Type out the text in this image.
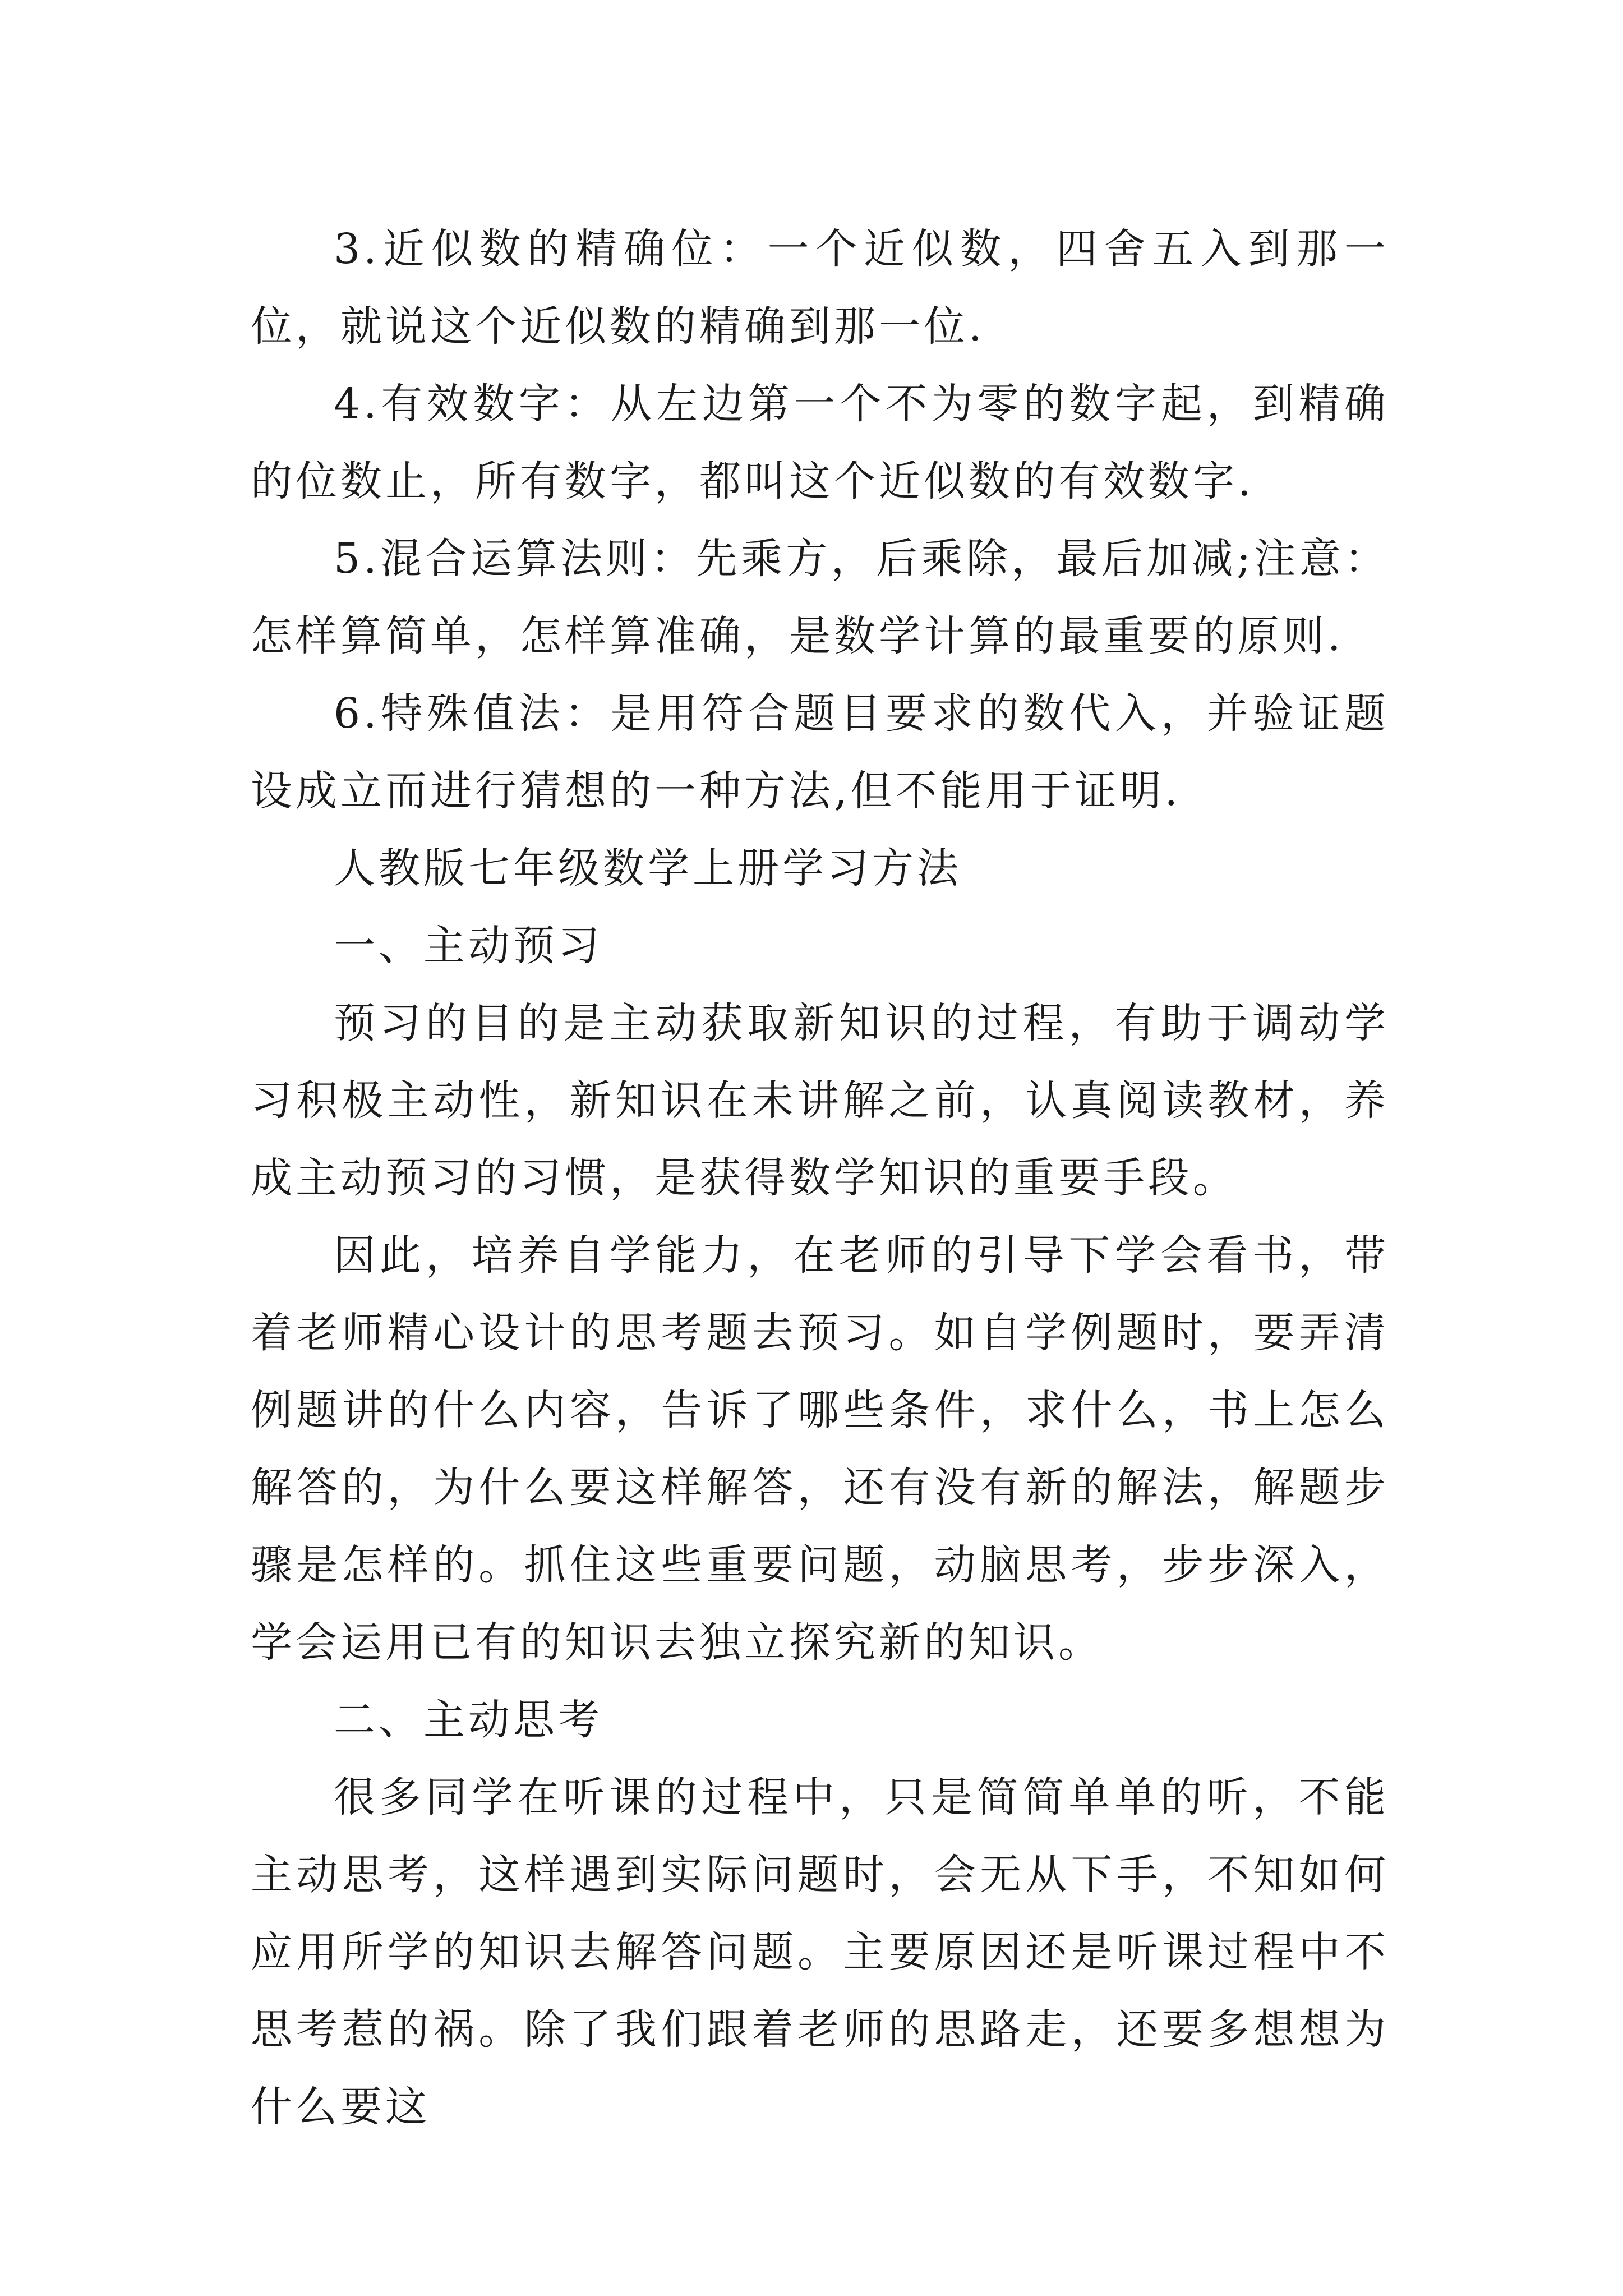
3.近似数的精确位：一个近似数，四舍五入到那一位，就说这个近似数的精确到那一位.

4.有效数字：从左边第一个不为零的数字起，到精确的位数止，所有数字，都叫这个近似数的有效数字.

5.混合运算法则：先乘方，后乘除，最后加减;注意：怎样算简单，怎样算准确，是数学计算的最重要的原则.

6.特殊值法：是用符合题目要求的数代入，并验证题设成立而进行猜想的一种方法,但不能用于证明.

人教版七年级数学上册学习方法

一、主动预习

预习的目的是主动获取新知识的过程，有助于调动学习积极主动性，新知识在未讲解之前，认真阅读教材，养成主动预习的习惯，是获得数学知识的重要手段。

因此，培养自学能力，在老师的引导下学会看书，带着老师精心设计的思考题去预习。如自学例题时，要弄清例题讲的什么内容，告诉了哪些条件，求什么，书上怎么解答的，为什么要这样解答，还有没有新的解法，解题步骤是怎样的。抓住这些重要问题，动脑思考，步步深入，学会运用已有的知识去独立探究新的知识。

二、主动思考

很多同学在听课的过程中，只是简简单单的听，不能主动思考，这样遇到实际问题时，会无从下手，不知如何应用所学的知识去解答问题。主要原因还是听课过程中不思考惹的祸。除了我们跟着老师的思路走，还要多想想为什么要这
